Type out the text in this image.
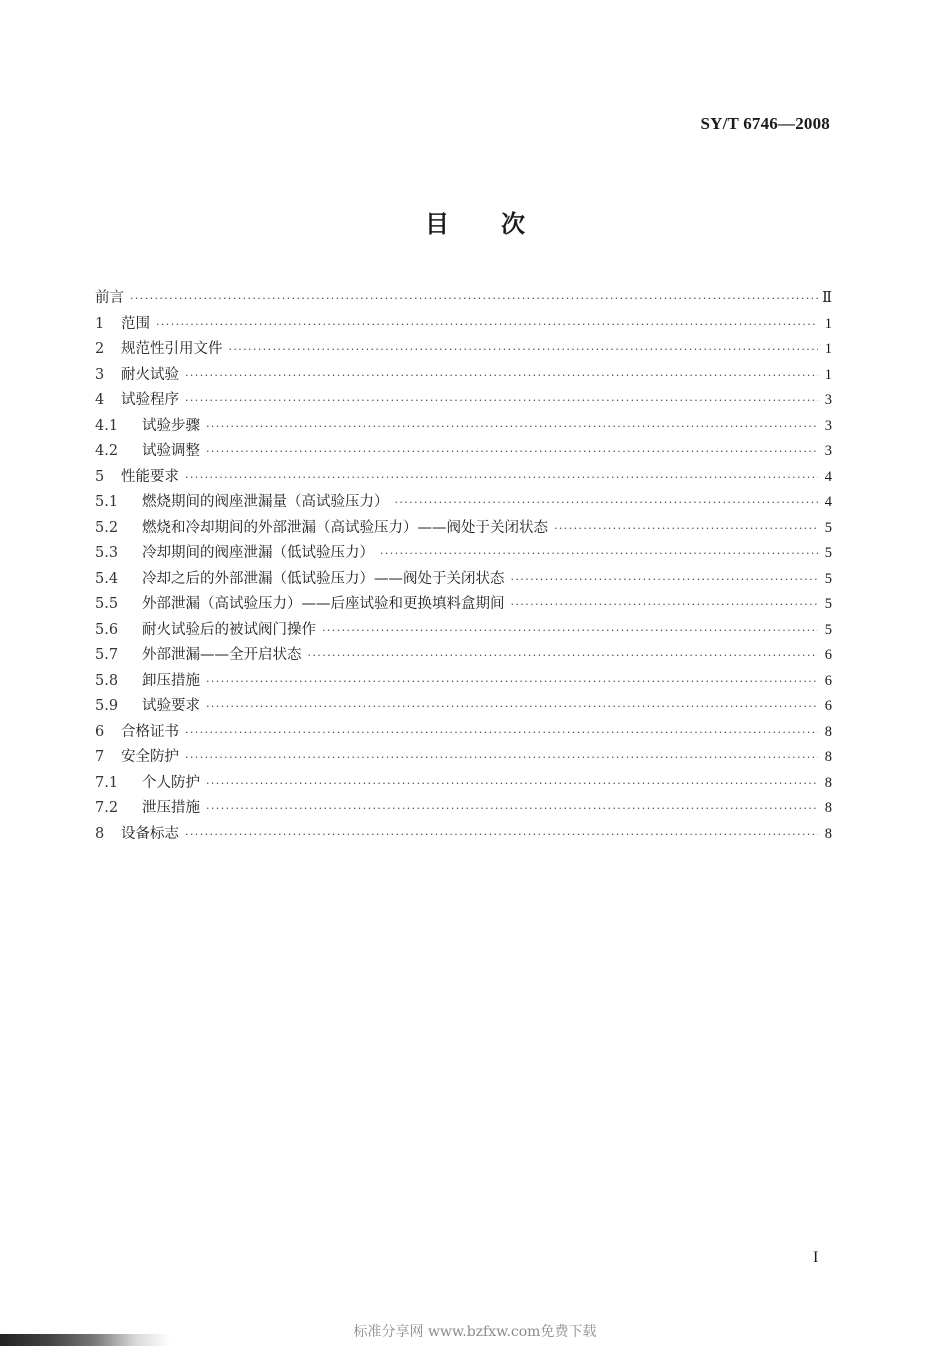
SY/T 6746—2008
目次
前言 ·····	Ⅱ
1	范围 ·····	1
2	规范性引用文件 ·····	1
3	耐火试验 ·····	1
4	试验程序 ·····	3
4.1	试验步骤 ·····	3
4.2	试验调整 ·····	3
5	性能要求 ·····	4
5.1	燃烧期间的阀座泄漏量（高试验压力） ·····	4
5.2	燃烧和冷却期间的外部泄漏（高试验压力）——阀处于关闭状态 ·····	5
5.3	冷却期间的阀座泄漏（低试验压力） ·····	5
5.4	冷却之后的外部泄漏（低试验压力）——阀处于关闭状态 ·····	5
5.5	外部泄漏（高试验压力）——后座试验和更换填料盒期间 ·····	5
5.6	耐火试验后的被试阀门操作 ·····	5
5.7	外部泄漏——全开启状态 ·····	6
5.8	卸压措施 ·····	6
5.9	试验要求 ·····	6
6	合格证书 ·····	8
7	安全防护 ·····	8
7.1	个人防护 ·····	8
7.2	泄压措施 ·····	8
8	设备标志 ·····	8
I
标准分享网 www.bzfxw.com免费下载
